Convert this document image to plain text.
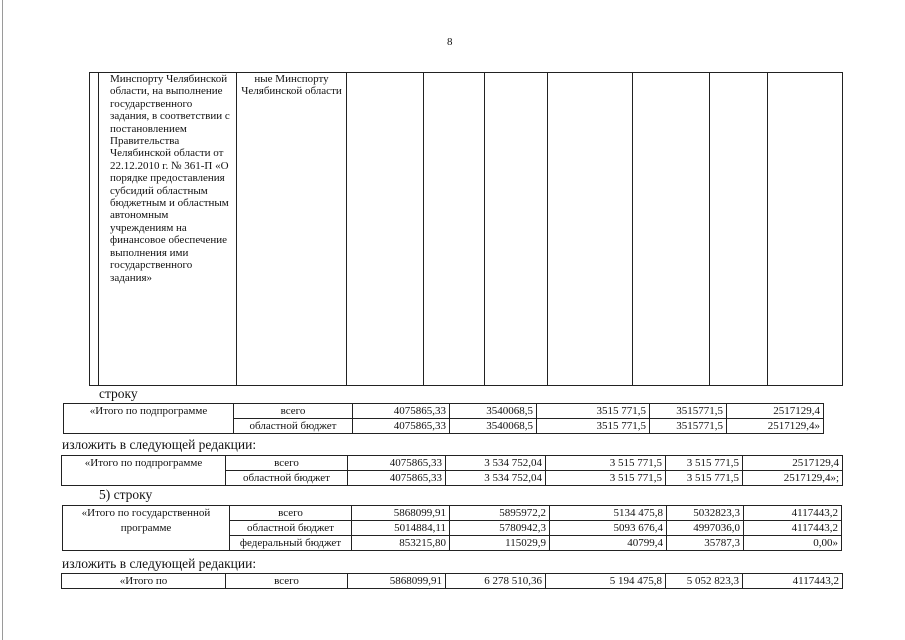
8
	Минспорту Челябинской области, на выполнение государственного задания, в соответствии с постановлением Правительства Челябинской области от 22.12.2010 г. № 361-П «О порядке предоставления субсидий областным бюджетным и областным автономным учреждениям на финансовое обеспечение выполнения ими государственного задания»	ные Минспорту Челябинской области							
строку
«Итого по подпрограмме	всего	4075865,33	3540068,5	3515 771,5	3515771,5	2517129,4
	областной бюджет	4075865,33	3540068,5	3515 771,5	3515771,5	2517129,4»
изложить в следующей редакции:
«Итого по подпрограмме	всего	4075865,33	3 534 752,04	3 515 771,5	3 515 771,5	2517129,4
	областной бюджет	4075865,33	3 534 752,04	3 515 771,5	3 515 771,5	2517129,4»;
5) строку
«Итого по государственной программе	всего	5868099,91	5895972,2	5134 475,8	5032823,3	4117443,2
	областной бюджет	5014884,11	5780942,3	5093 676,4	4997036,0	4117443,2
	федеральный бюджет	853215,80	115029,9	40799,4	35787,3	0,00»
изложить в следующей редакции:
«Итого по	всего	5868099,91	6 278 510,36	5 194 475,8	5 052 823,3	4117443,2
